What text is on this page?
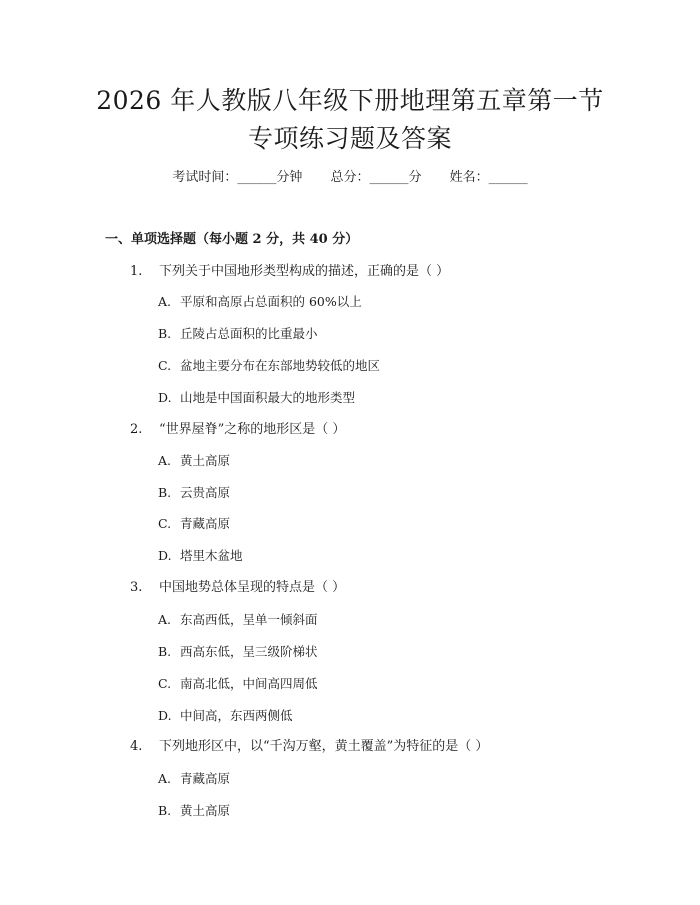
2026 年人教版八年级下册地理第五章第一节
专项练习题及答案
考试时间：______分钟 总分：______分 姓名：______
一、单项选择题（每小题 2 分，共 40 分）
1. 下列关于中国地形类型构成的描述，正确的是（ ）
A. 平原和高原占总面积的 60%以上
B. 丘陵占总面积的比重最小
C. 盆地主要分布在东部地势较低的地区
D. 山地是中国面积最大的地形类型
2. “世界屋脊”之称的地形区是（ ）
A. 黄土高原
B. 云贵高原
C. 青藏高原
D. 塔里木盆地
3. 中国地势总体呈现的特点是（ ）
A. 东高西低，呈单一倾斜面
B. 西高东低，呈三级阶梯状
C. 南高北低，中间高四周低
D. 中间高，东西两侧低
4. 下列地形区中，以“千沟万壑，黄土覆盖”为特征的是（ ）
A. 青藏高原
B. 黄土高原
